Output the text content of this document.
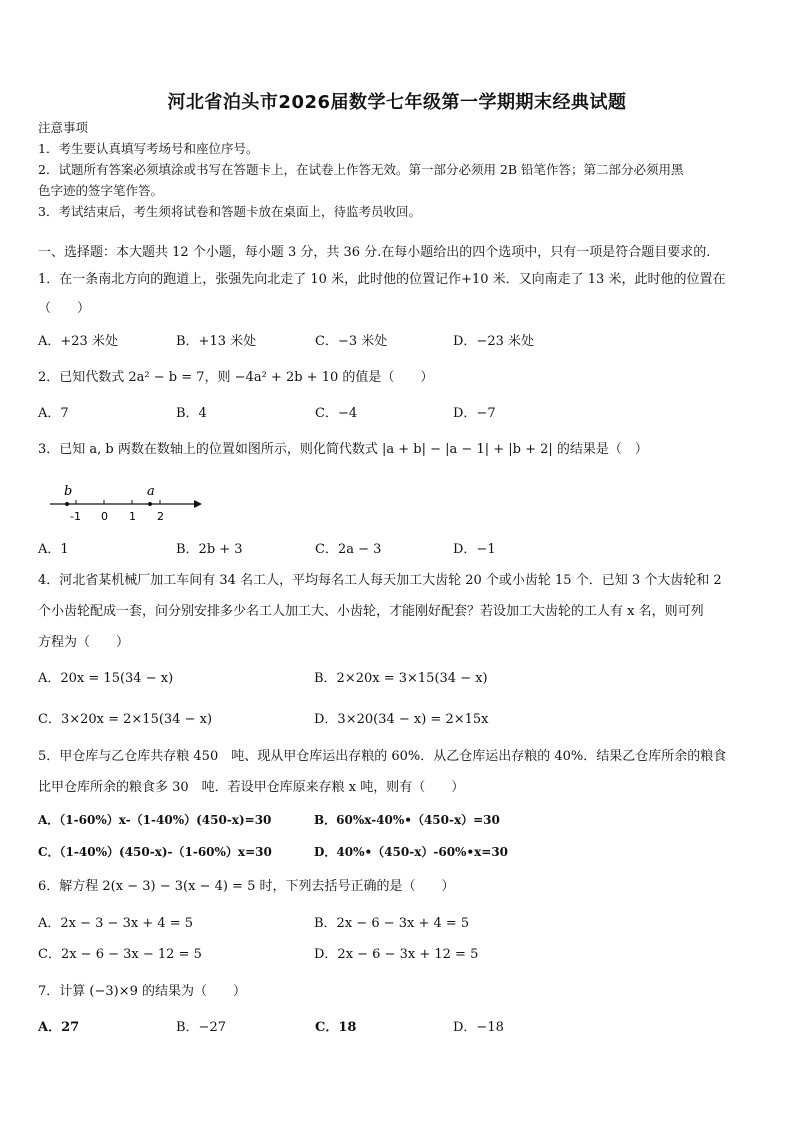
河北省泊头市2026届数学七年级第一学期期末经典试题
注意事项
1．考生要认真填写考场号和座位序号。
2．试题所有答案必须填涂或书写在答题卡上，在试卷上作答无效。第一部分必须用 2B 铅笔作答；第二部分必须用黑
色字迹的签字笔作答。
3．考试结束后，考生须将试卷和答题卡放在桌面上，待监考员收回。
一、选择题：本大题共 12 个小题，每小题 3 分，共 36 分.在每小题给出的四个选项中，只有一项是符合题目要求的.
1．在一条南北方向的跑道上，张强先向北走了 10 米，此时他的位置记作+10 米．又向南走了 13 米，此时他的位置在
（　　）
A．+23 米处	B．+13 米处	C．−3 米处	D．−23 米处
2．已知代数式 2a² − b = 7，则 −4a² + 2b + 10 的值是（　　）
A．7	B．4	C．−4	D．−7
3．已知 a, b 两数在数轴上的位置如图所示，则化简代数式 |a + b| − |a − 1| + |b + 2| 的结果是（　）
b	a
-1 0 1 2
A．1	B．2b + 3	C．2a − 3	D．−1
4．河北省某机械厂加工车间有 34 名工人，平均每名工人每天加工大齿轮 20 个或小齿轮 15 个．已知 3 个大齿轮和 2
个小齿轮配成一套，问分别安排多少名工人加工大、小齿轮，才能刚好配套？若设加工大齿轮的工人有 x 名，则可列
方程为（　　）
A．20x = 15(34 − x)	B．2×20x = 3×15(34 − x)
C．3×20x = 2×15(34 − x)	D．3×20(34 − x) = 2×15x
5．甲仓库与乙仓库共存粮 450　吨、现从甲仓库运出存粮的 60%．从乙仓库运出存粮的 40%．结果乙仓库所余的粮食
比甲仓库所余的粮食多 30　吨．若设甲仓库原来存粮 x 吨，则有（　　）
A．（1-60%）x-（1-40%）(450-x)=30	B．60%x-40%•（450-x）=30
C．（1-40%）(450-x)-（1-60%）x=30	D．40%•（450-x）-60%•x=30
6．解方程 2(x − 3) − 3(x − 4) = 5 时，下列去括号正确的是（　　）
A．2x − 3 − 3x + 4 = 5	B．2x − 6 − 3x + 4 = 5
C．2x − 6 − 3x − 12 = 5	D．2x − 6 − 3x + 12 = 5
7．计算 (−3)×9 的结果为（　　）
A．27	B．−27	C．18	D．−18
